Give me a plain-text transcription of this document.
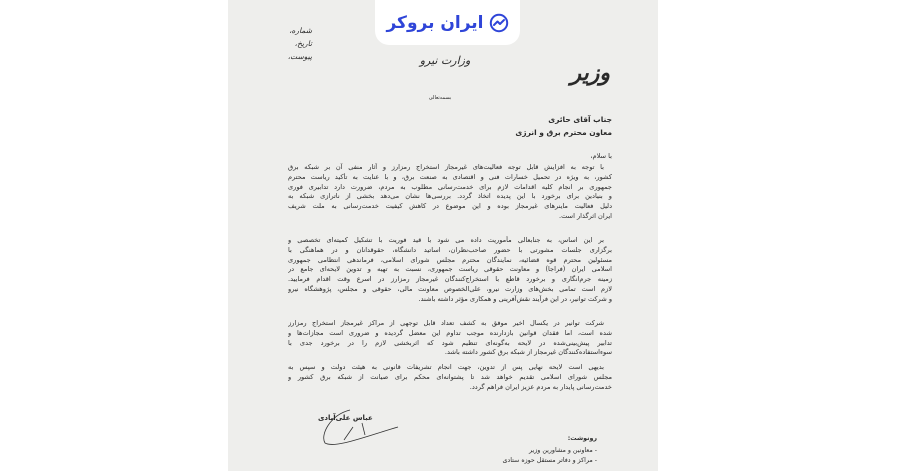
ایران بروکر
شماره،
تاریخ،
پیوست،	وزارت نیرو	وزیر
بسمه‌تعالی
جناب آقای حائری
معاون محترم برق و انرژی
با سلام،
با توجه به افزایش قابل توجه فعالیت‌های غیرمجاز استخراج رمزارز و آثار منفی آن بر شبکه برق
کشور، به ویژه در تحمیل خسارات فنی و اقتصادی به صنعت برق، و با عنایت به تأکید ریاست محترم
جمهوری بر انجام کلیه اقدامات لازم برای خدمت‌رسانی مطلوب به مردم، ضرورت دارد تدابیری فوری
و بنیادین برای برخورد با این پدیده اتخاذ گردد. بررسی‌ها نشان می‌دهد بخشی از ناترازی شبکه به
دلیل فعالیت ماینرهای غیرمجاز بوده و این موضوع در کاهش کیفیت خدمت‌رسانی به ملت شریف
ایران اثرگذار است.
بر این اساس، به جنابعالی مأموریت داده می شود با قید فوریت با تشکیل کمیته‌ای تخصصی و
برگزاری جلسات مشورتی با حضور صاحب‌نظران، اساتید دانشگاه، حقوقدانان و در هماهنگی با
مسئولین محترم قوه قضائیه، نمایندگان محترم مجلس شورای اسلامی، فرماندهی انتظامی جمهوری
اسلامی ایران (فراجا) و معاونت حقوقی ریاست جمهوری، نسبت به تهیه و تدوین لایحه‌ای جامع در
زمینه جرم‌انگاری و برخورد قاطع با استخراج‌کنندگان غیرمجاز رمزارز در اسرع وقت اقدام فرمایید.
لازم است تمامی بخش‌های وزارت نیرو، علی‌الخصوص معاونت مالی، حقوقی و مجلس، پژوهشگاه نیرو
و شرکت توانیر، در این فرآیند نقش‌آفرینی و همکاری مؤثر داشته باشند.
شرکت توانیر در یکسال اخیر موفق به کشف تعداد قابل توجهی از مراکز غیرمجاز استخراج رمزارز
شده است، اما فقدان قوانین بازدارنده موجب تداوم این معضل گردیده و ضروری است مجازات‌ها و
تدابیر پیش‌بینی‌شده در لایحه به‌گونه‌ای تنظیم شود که اثربخشی لازم را در برخورد جدی با
سوءاستفاده‌کنندگان غیرمجاز از شبکه برق کشور داشته باشد.
بدیهی است لایحه نهایی پس از تدوین، جهت انجام تشریفات قانونی به هیئت دولت و سپس به
مجلس شورای اسلامی تقدیم خواهد شد تا پشتوانه‌ای محکم برای صیانت از شبکه برق کشور و
خدمت‌رسانی پایدار به مردم عزیز ایران فراهم گردد.
عباس علی‌آبادی
رونوشت:
- معاونین و مشاورین وزیر
- مراکز و دفاتر مستقل حوزه ستادی
